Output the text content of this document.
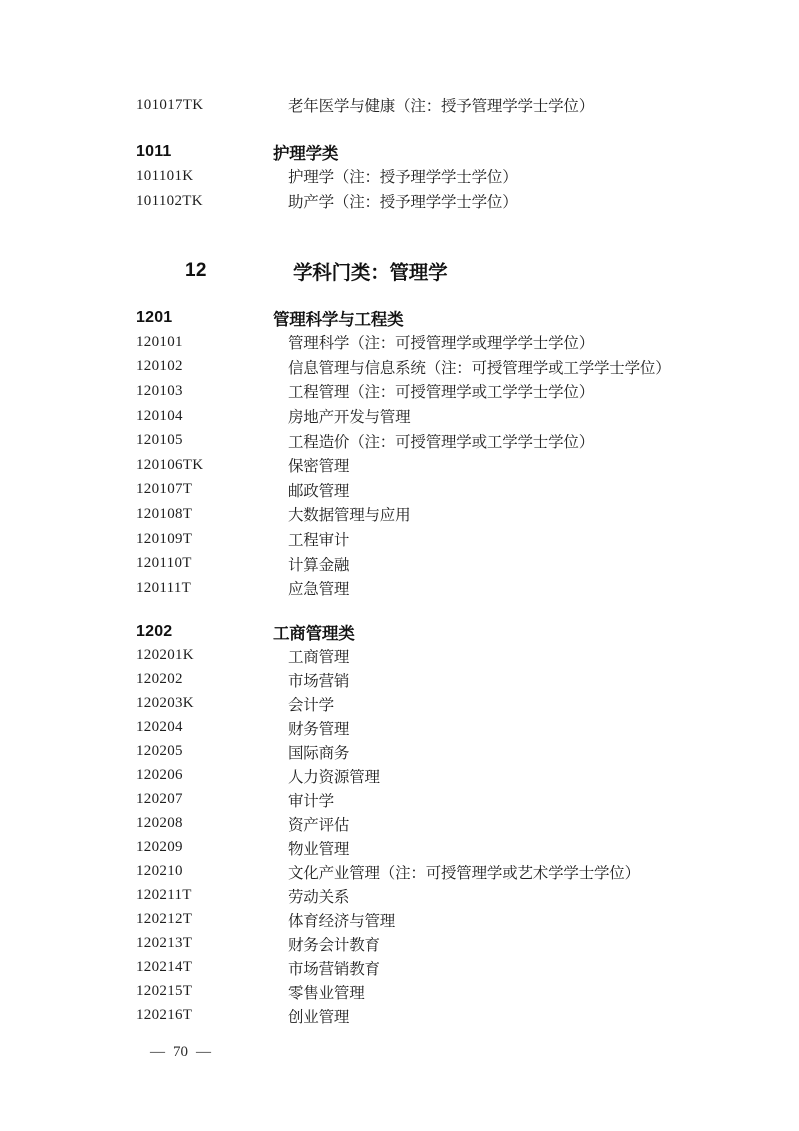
101017TK	老年医学与健康（注：授予管理学学士学位）
1011	护理学类
101101K	护理学（注：授予理学学士学位）
101102TK	助产学（注：授予理学学士学位）
12	学科门类：管理学
1201	管理科学与工程类
120101	管理科学（注：可授管理学或理学学士学位）
120102	信息管理与信息系统（注：可授管理学或工学学士学位）
120103	工程管理（注：可授管理学或工学学士学位）
120104	房地产开发与管理
120105	工程造价（注：可授管理学或工学学士学位）
120106TK	保密管理
120107T	邮政管理
120108T	大数据管理与应用
120109T	工程审计
120110T	计算金融
120111T	应急管理
1202	工商管理类
120201K	工商管理
120202	市场营销
120203K	会计学
120204	财务管理
120205	国际商务
120206	人力资源管理
120207	审计学
120208	资产评估
120209	物业管理
120210	文化产业管理（注：可授管理学或艺术学学士学位）
120211T	劳动关系
120212T	体育经济与管理
120213T	财务会计教育
120214T	市场营销教育
120215T	零售业管理
120216T	创业管理
— 70 —
